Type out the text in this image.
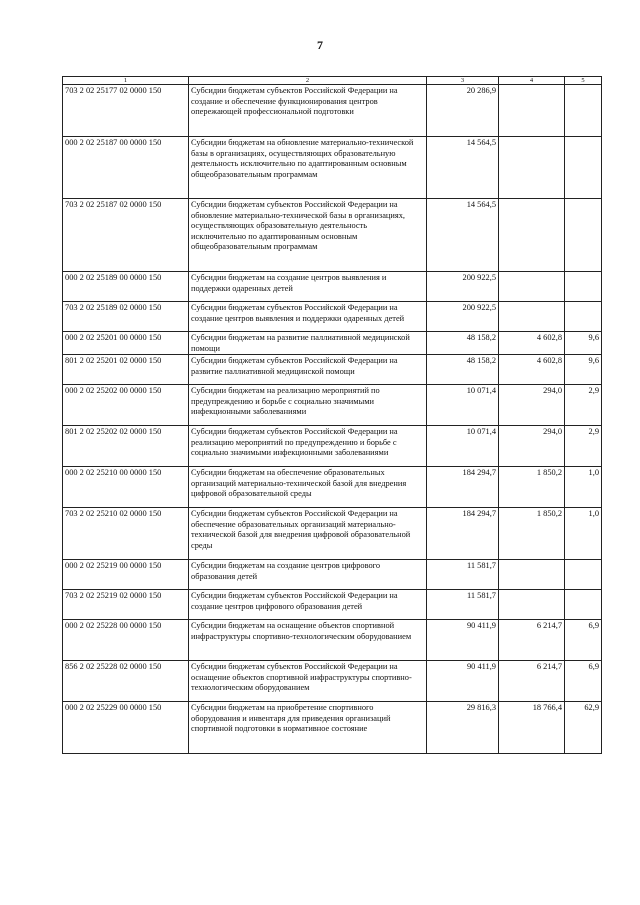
7
1	2	3	4	5
703 2 02 25177 02 0000 150	Субсидии бюджетам субъектов Российской Федерации на создание и обеспечение функционирования центров опережающей профессиональной подготовки	20 286,9		
000 2 02 25187 00 0000 150	Субсидии бюджетам на обновление материально-технической базы в организациях, осуществляющих образовательную деятельность исключительно по адаптированным основным общеобразовательным программам	14 564,5		
703 2 02 25187 02 0000 150	Субсидии бюджетам субъектов Российской Федерации на обновление материально-технической базы в организациях, осуществляющих образовательную деятельность исключительно по адаптированным основным общеобразовательным программам	14 564,5		
000 2 02 25189 00 0000 150	Субсидии бюджетам на создание центров выявления и поддержки одаренных детей	200 922,5		
703 2 02 25189 02 0000 150	Субсидии бюджетам субъектов Российской Федерации на создание центров выявления и поддержки одаренных детей	200 922,5		
000 2 02 25201 00 0000 150	Субсидии бюджетам на развитие паллиативной медицинской помощи	48 158,2	4 602,8	9,6
801 2 02 25201 02 0000 150	Субсидии бюджетам субъектов Российской Федерации на развитие паллиативной медицинской помощи	48 158,2	4 602,8	9,6
000 2 02 25202 00 0000 150	Субсидии бюджетам на реализацию мероприятий по предупреждению и борьбе с социально значимыми инфекционными заболеваниями	10 071,4	294,0	2,9
801 2 02 25202 02 0000 150	Субсидии бюджетам субъектов Российской Федерации на реализацию мероприятий по предупреждению и борьбе с социально значимыми инфекционными заболеваниями	10 071,4	294,0	2,9
000 2 02 25210 00 0000 150	Субсидии бюджетам на обеспечение образовательных организаций материально-технической базой для внедрения цифровой образовательной среды	184 294,7	1 850,2	1,0
703 2 02 25210 02 0000 150	Субсидии бюджетам субъектов Российской Федерации на обеспечение образовательных организаций материально-технической базой для внедрения цифровой образовательной среды	184 294,7	1 850,2	1,0
000 2 02 25219 00 0000 150	Субсидии бюджетам на создание центров цифрового образования детей	11 581,7		
703 2 02 25219 02 0000 150	Субсидии бюджетам субъектов Российской Федерации на создание центров цифрового образования детей	11 581,7		
000 2 02 25228 00 0000 150	Субсидии бюджетам на оснащение объектов спортивной инфраструктуры спортивно-технологическим оборудованием	90 411,9	6 214,7	6,9
856 2 02 25228 02 0000 150	Субсидии бюджетам субъектов Российской Федерации на оснащение объектов спортивной инфраструктуры спортивно-технологическим оборудованием	90 411,9	6 214,7	6,9
000 2 02 25229 00 0000 150	Субсидии бюджетам на приобретение спортивного оборудования и инвентаря для приведения организаций спортивной подготовки в нормативное состояние	29 816,3	18 766,4	62,9
